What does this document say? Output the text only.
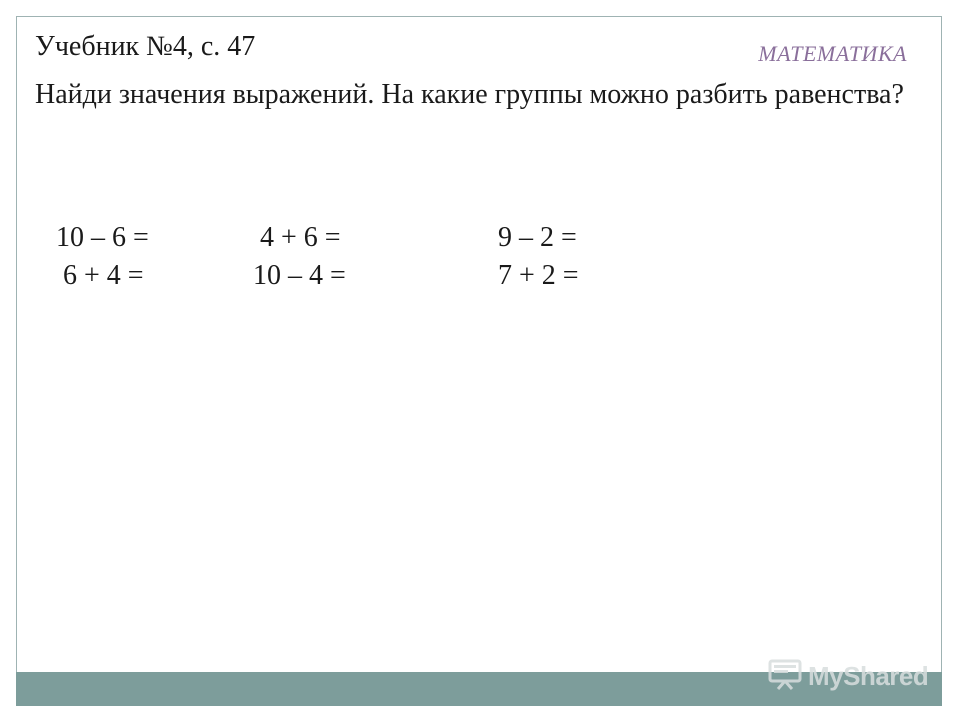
Учебник №4, с. 47	МАТЕМАТИКА
Найди значения выражений. На какие группы можно разбить равенства?
10 – 6 =
6 + 4 =
4 + 6 =
10 – 4 =
9 – 2 =
7 + 2 =
MyShared
